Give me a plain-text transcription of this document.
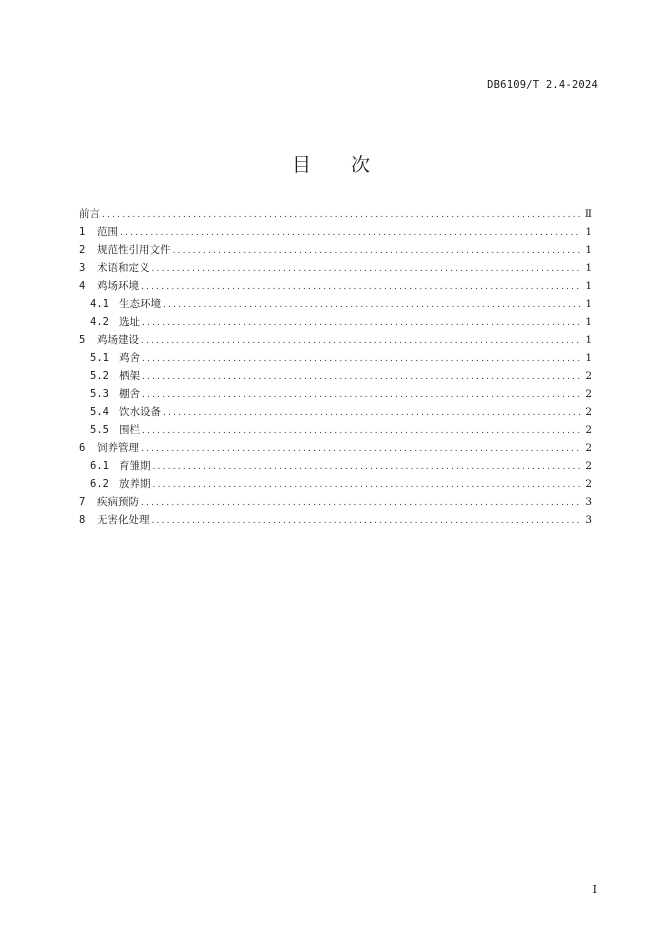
DB6109/T 2.4-2024
目 次
前言 .....	Ⅱ
1	范围 .....	1
2	规范性引用文件 .....	1
3	术语和定义 .....	1
4	鸡场环境 .....	1
4.1 生态环境 .....	1
4.2 选址 .....	1
5	鸡场建设 .....	1
5.1 鸡舍 .....	1
5.2 栖架 .....	2
5.3 棚舍 .....	2
5.4 饮水设备 .....	2
5.5 围栏 .....	2
6	饲养管理 .....	2
6.1 育雏期 .....	2
6.2 放养期 .....	2
7	疾病预防 .....	3
8	无害化处理 .....	3
I
